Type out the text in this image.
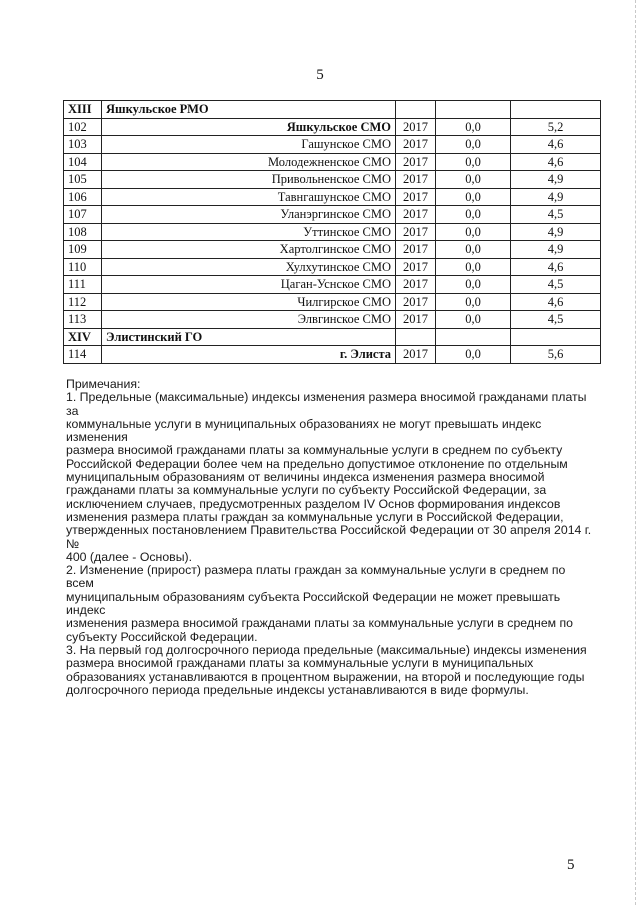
5
XIII	Яшкульское РМО			
102	Яшкульское СМО	2017	0,0	5,2
103	Гашунское СМО	2017	0,0	4,6
104	Молодежненское СМО	2017	0,0	4,6
105	Привольненское СМО	2017	0,0	4,9
106	Тавнгашунское СМО	2017	0,0	4,9
107	Уланэргинское СМО	2017	0,0	4,5
108	Уттинское СМО	2017	0,0	4,9
109	Хартолгинское СМО	2017	0,0	4,9
110	Хулхутинское СМО	2017	0,0	4,6
111	Цаган-Уснское СМО	2017	0,0	4,5
112	Чилгирское СМО	2017	0,0	4,6
113	Элвгинское СМО	2017	0,0	4,5
XIV	Элистинский ГО			
114	г. Элиста	2017	0,0	5,6

Примечания:

1. Предельные (максимальные) индексы изменения размера вносимой гражданами платы за

коммунальные услуги в муниципальных образованиях не могут превышать индекс изменения

размера вносимой гражданами платы за коммунальные услуги в среднем по субъекту

Российской Федерации более чем на предельно допустимое отклонение по отдельным

муниципальным образованиям от величины индекса изменения размера вносимой

гражданами платы за коммунальные услуги по субъекту Российской Федерации, за

исключением случаев, предусмотренных разделом IV Основ формирования индексов

изменения размера платы граждан за коммунальные услуги в Российской Федерации,

утвержденных постановлением Правительства Российской Федерации от 30 апреля 2014 г. №

400 (далее - Основы).

2. Изменение (прирост) размера платы граждан за коммунальные услуги в среднем по всем

муниципальным образованиям субъекта Российской Федерации не может превышать индекс

изменения размера вносимой гражданами платы за коммунальные услуги в среднем по

субъекту Российской Федерации.

3. На первый год долгосрочного периода предельные (максимальные) индексы изменения

размера вносимой гражданами платы за коммунальные услуги в муниципальных

образованиях устанавливаются в процентном выражении, на второй и последующие годы

долгосрочного периода предельные индексы устанавливаются в виде формулы.

5
